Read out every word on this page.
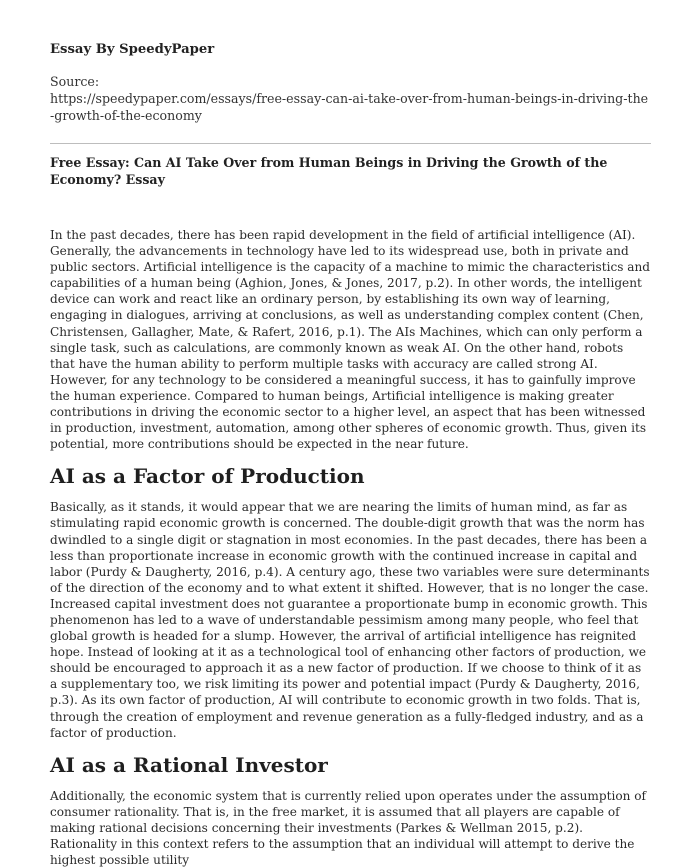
Essay By SpeedyPaper
Source:
https://speedypaper.com/essays/free-essay-can-ai-take-over-from-human-beings-in-driving-the-growth-of-the-economy
Free Essay: Can AI Take Over from Human Beings in Driving the Growth of the Economy? Essay

In the past decades, there has been rapid development in the field of artificial intelligence (AI). Generally, the advancements in technology have led to its widespread use, both in private and public sectors. Artificial intelligence is the capacity of a machine to mimic the characteristics and capabilities of a human being (Aghion, Jones, & Jones, 2017, p.2). In other words, the intelligent device can work and react like an ordinary person, by establishing its own way of learning, engaging in dialogues, arriving at conclusions, as well as understanding complex content (Chen, Christensen, Gallagher, Mate, & Rafert, 2016, p.1). The AIs Machines, which can only perform a single task, such as calculations, are commonly known as weak AI. On the other hand, robots that have the human ability to perform multiple tasks with accuracy are called strong AI. However, for any technology to be considered a meaningful success, it has to gainfully improve the human experience. Compared to human beings, Artificial intelligence is making greater contributions in driving the economic sector to a higher level, an aspect that has been witnessed in production, investment, automation, among other spheres of economic growth. Thus, given its potential, more contributions should be expected in the near future.

AI as a Factor of Production

Basically, as it stands, it would appear that we are nearing the limits of human mind, as far as stimulating rapid economic growth is concerned. The double-digit growth that was the norm has dwindled to a single digit or stagnation in most economies. In the past decades, there has been a less than proportionate increase in economic growth with the continued increase in capital and labor (Purdy & Daugherty, 2016, p.4). A century ago, these two variables were sure determinants of the direction of the economy and to what extent it shifted. However, that is no longer the case. Increased capital investment does not guarantee a proportionate bump in economic growth. This phenomenon has led to a wave of understandable pessimism among many people, who feel that global growth is headed for a slump. However, the arrival of artificial intelligence has reignited hope. Instead of looking at it as a technological tool of enhancing other factors of production, we should be encouraged to approach it as a new factor of production. If we choose to think of it as a supplementary too, we risk limiting its power and potential impact (Purdy & Daugherty, 2016, p.3). As its own factor of production, AI will contribute to economic growth in two folds. That is, through the creation of employment and revenue generation as a fully-fledged industry, and as a factor of production.

AI as a Rational Investor

Additionally, the economic system that is currently relied upon operates under the assumption of consumer rationality. That is, in the free market, it is assumed that all players are capable of making rational decisions concerning their investments (Parkes & Wellman 2015, p.2). Rationality in this context refers to the assumption that an individual will attempt to derive the highest possible utility
